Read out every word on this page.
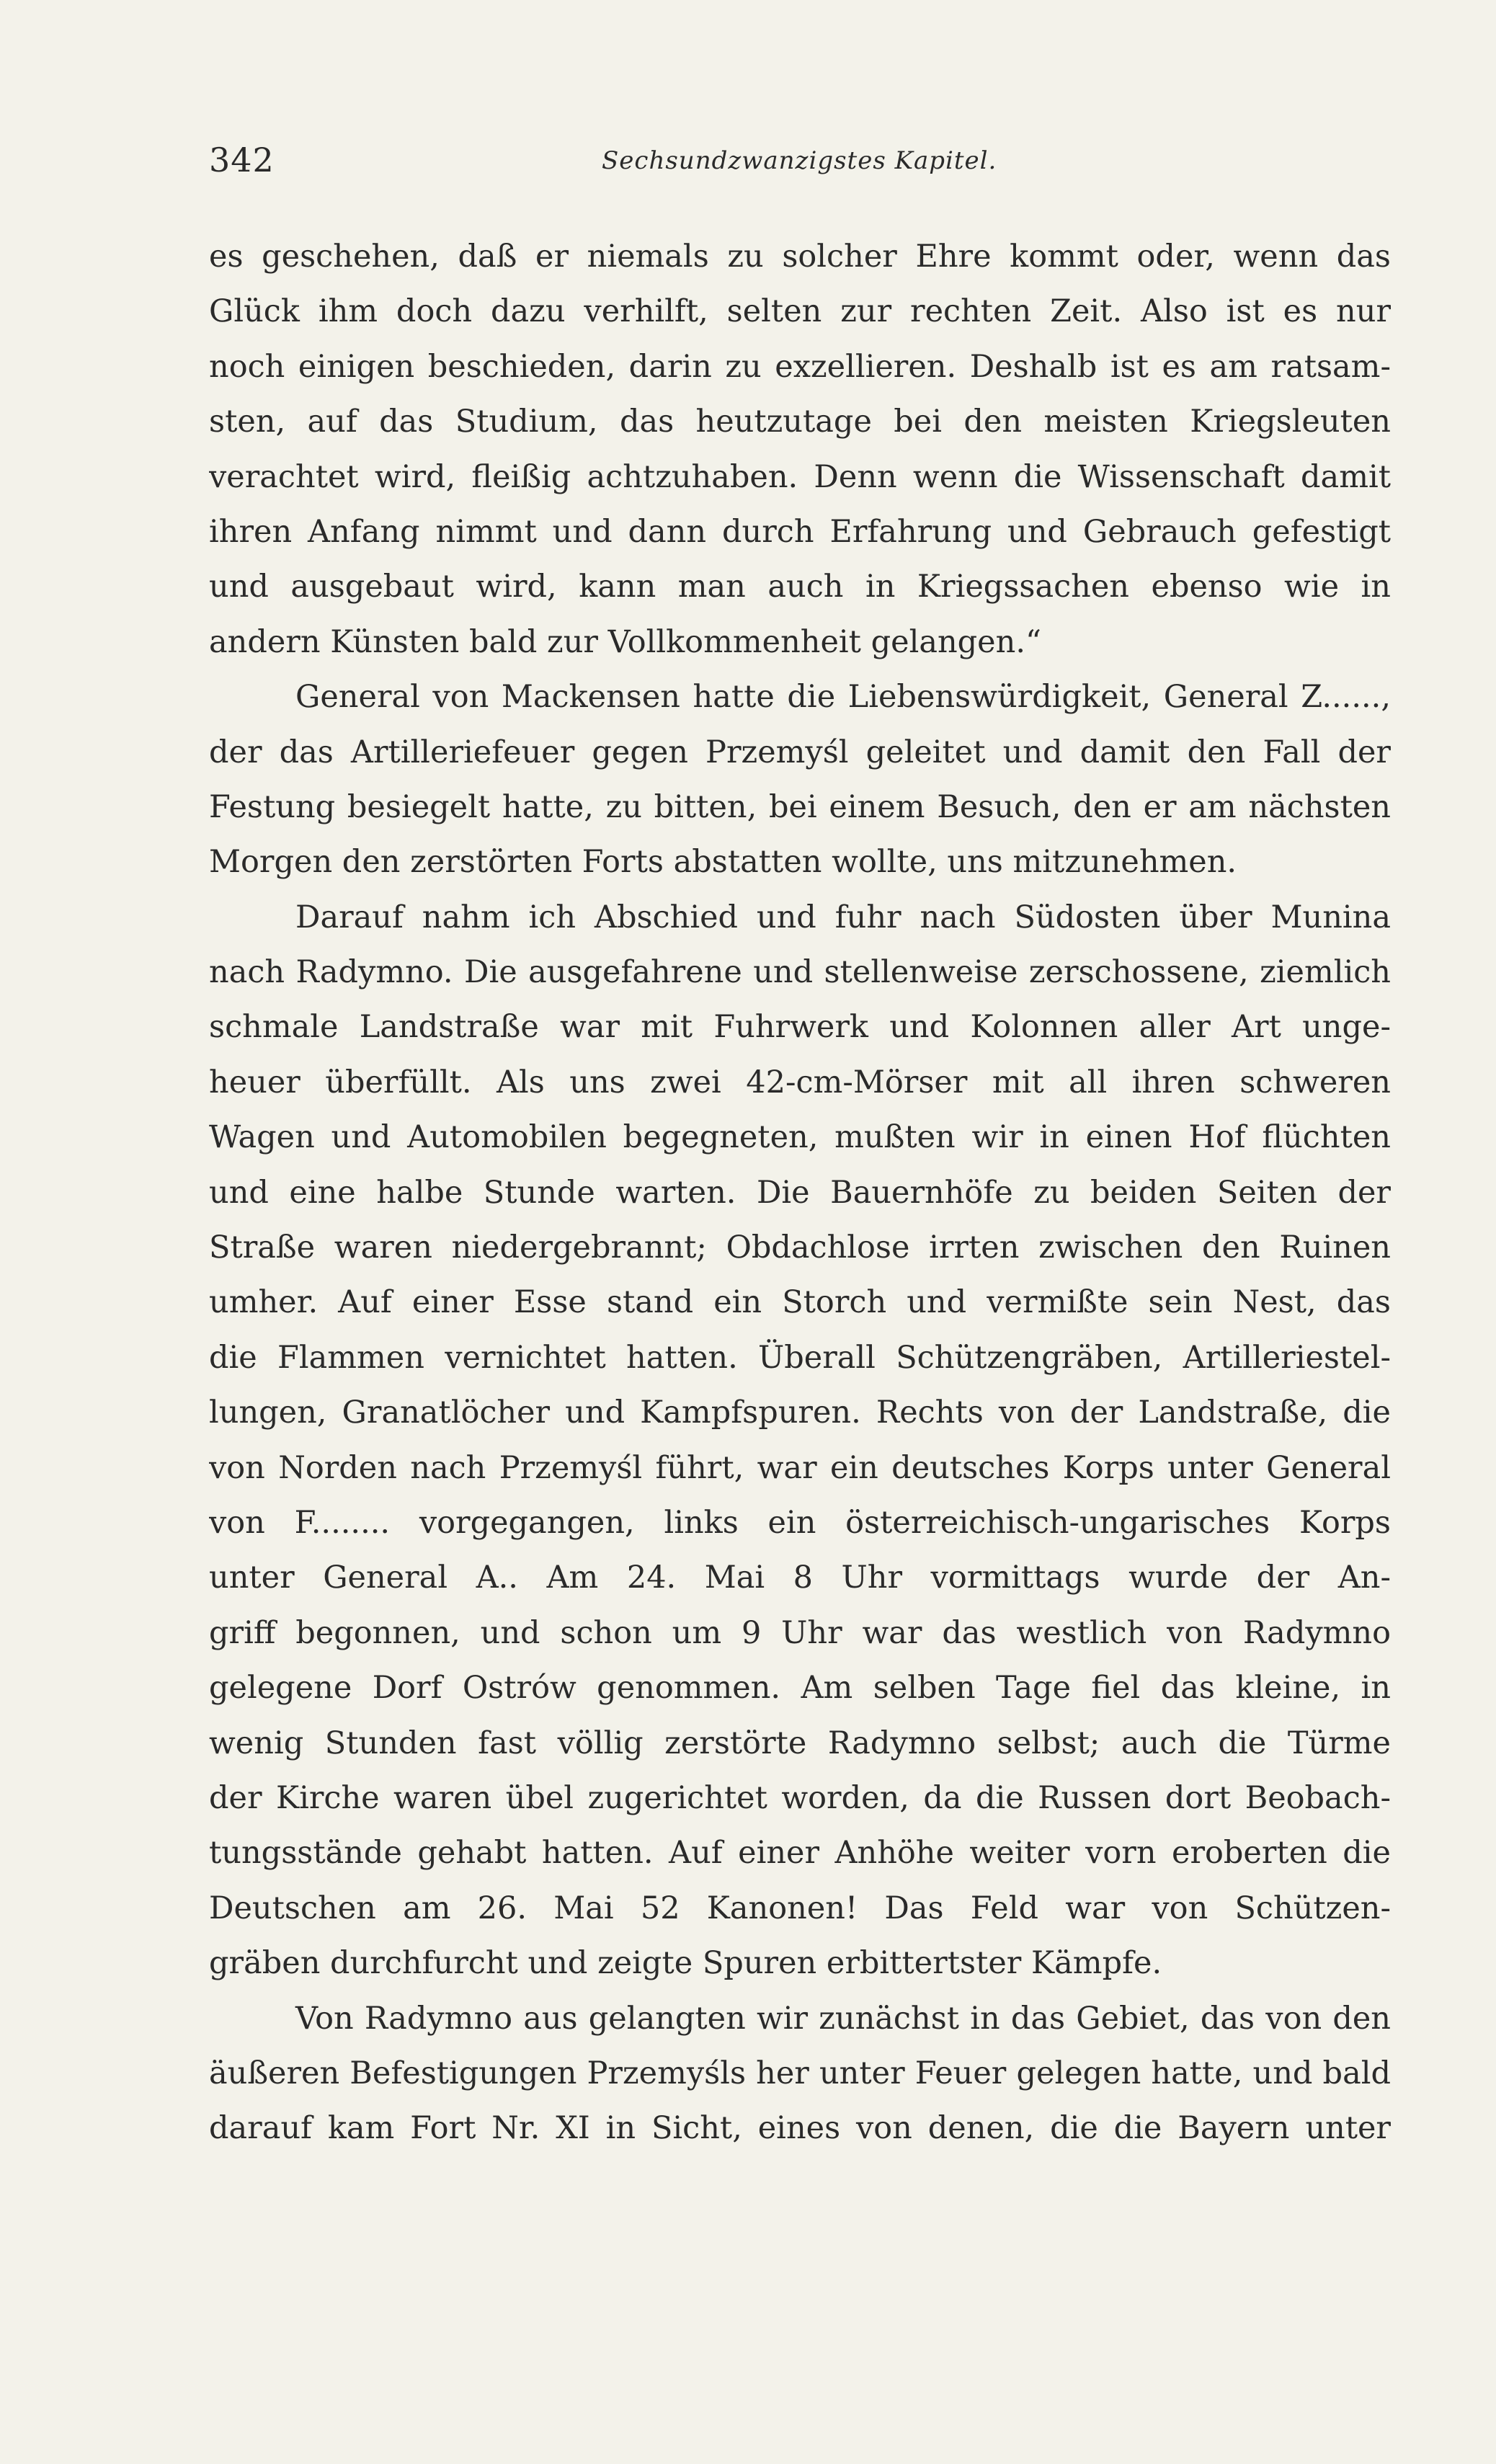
342	Sechsundzwanzigstes Kapitel.
es geschehen, daß er niemals zu solcher Ehre kommt oder, wenn das
Glück ihm doch dazu verhilft, selten zur rechten Zeit. Also ist es nur
noch einigen beschieden, darin zu exzellieren. Deshalb ist es am ratsam-
sten, auf das Studium, das heutzutage bei den meisten Kriegsleuten
verachtet wird, fleißig achtzuhaben. Denn wenn die Wissenschaft damit
ihren Anfang nimmt und dann durch Erfahrung und Gebrauch gefestigt
und ausgebaut wird, kann man auch in Kriegssachen ebenso wie in
andern Künsten bald zur Vollkommenheit gelangen.“
General von Mackensen hatte die Liebenswürdigkeit, General Z......,
der das Artilleriefeuer gegen Przemyśl geleitet und damit den Fall der
Festung besiegelt hatte, zu bitten, bei einem Besuch, den er am nächsten
Morgen den zerstörten Forts abstatten wollte, uns mitzunehmen.
Darauf nahm ich Abschied und fuhr nach Südosten über Munina
nach Radymno. Die ausgefahrene und stellenweise zerschossene, ziemlich
schmale Landstraße war mit Fuhrwerk und Kolonnen aller Art unge-
heuer überfüllt. Als uns zwei 42-cm-Mörser mit all ihren schweren
Wagen und Automobilen begegneten, mußten wir in einen Hof flüchten
und eine halbe Stunde warten. Die Bauernhöfe zu beiden Seiten der
Straße waren niedergebrannt; Obdachlose irrten zwischen den Ruinen
umher. Auf einer Esse stand ein Storch und vermißte sein Nest, das
die Flammen vernichtet hatten. Überall Schützengräben, Artilleriestel-
lungen, Granatlöcher und Kampfspuren. Rechts von der Landstraße, die
von Norden nach Przemyśl führt, war ein deutsches Korps unter General
von F........ vorgegangen, links ein österreichisch-ungarisches Korps
unter General A.. Am 24. Mai 8 Uhr vormittags wurde der An-
griff begonnen, und schon um 9 Uhr war das westlich von Radymno
gelegene Dorf Ostrów genommen. Am selben Tage fiel das kleine, in
wenig Stunden fast völlig zerstörte Radymno selbst; auch die Türme
der Kirche waren übel zugerichtet worden, da die Russen dort Beobach-
tungsstände gehabt hatten. Auf einer Anhöhe weiter vorn eroberten die
Deutschen am 26. Mai 52 Kanonen! Das Feld war von Schützen-
gräben durchfurcht und zeigte Spuren erbittertster Kämpfe.
Von Radymno aus gelangten wir zunächst in das Gebiet, das von den
äußeren Befestigungen Przemyśls her unter Feuer gelegen hatte, und bald
darauf kam Fort Nr. XI in Sicht, eines von denen, die die Bayern unter
